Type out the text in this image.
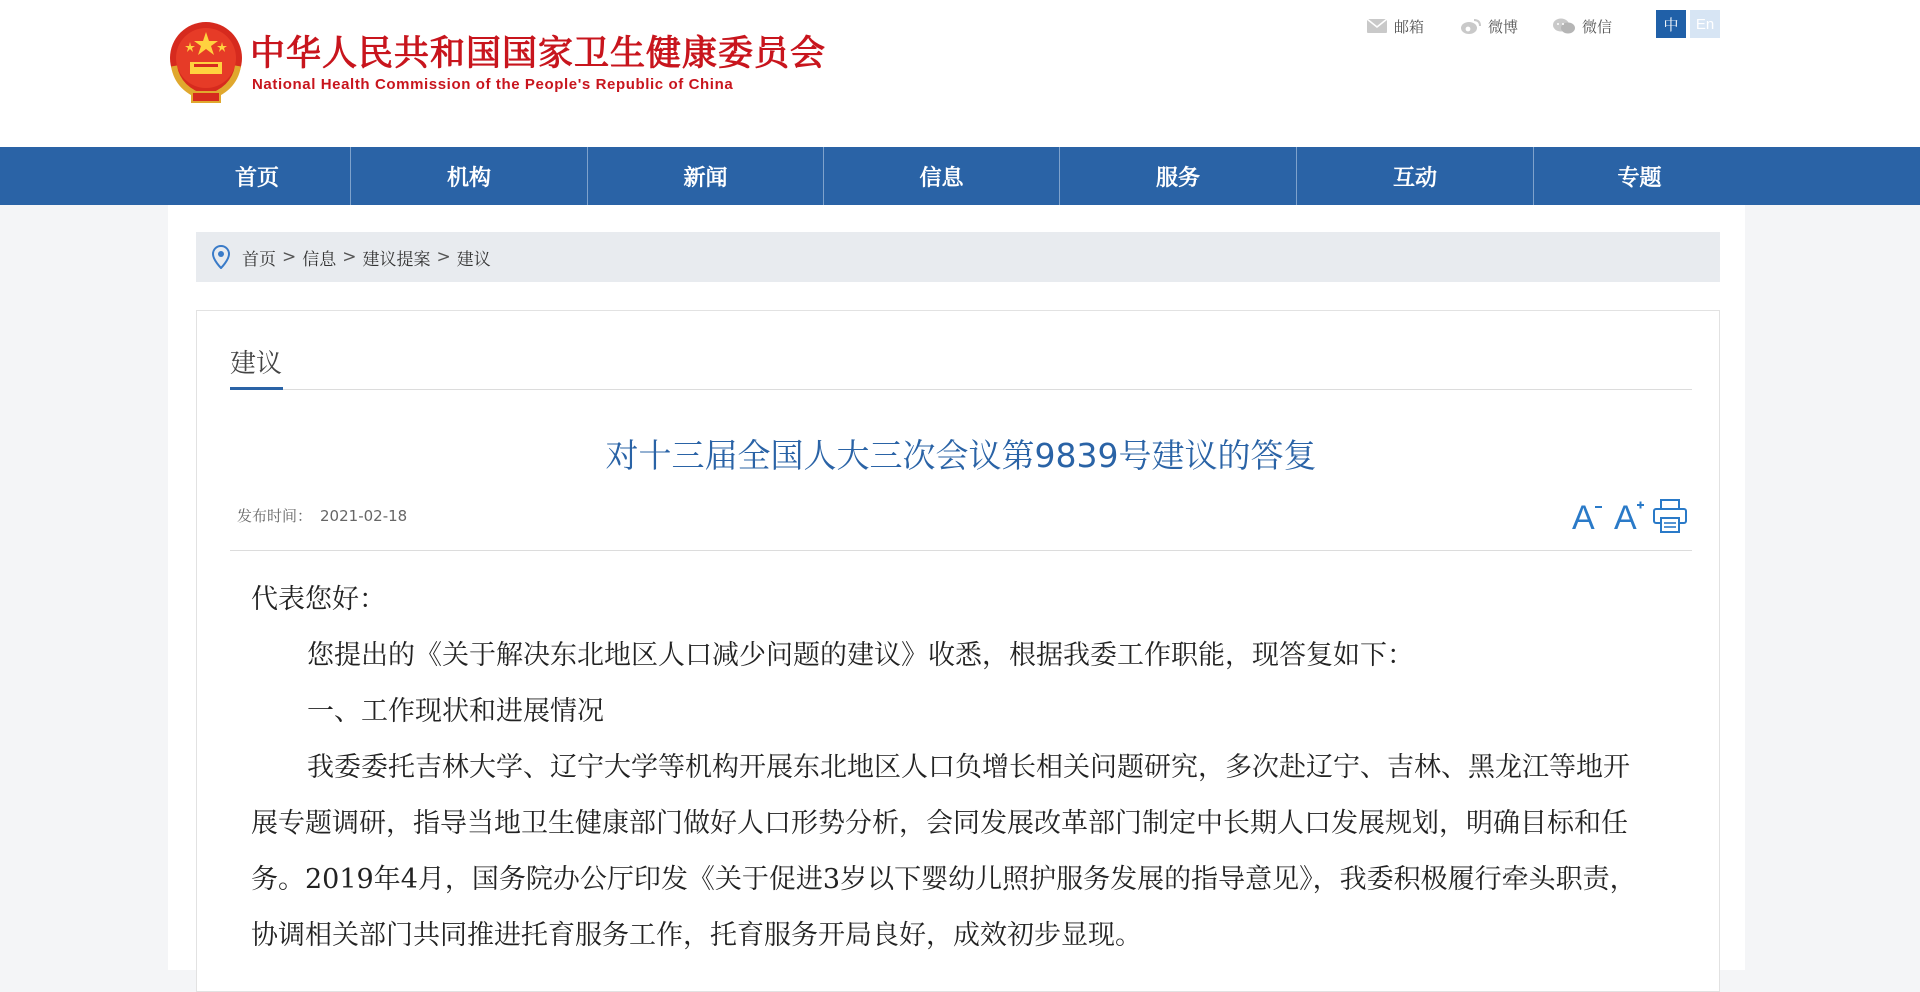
中华人民共和国国家卫生健康委员会
National Health Commission of the People's Republic of China
邮箱	微博	微信	中	En
首页	机构	新闻	信息	服务	互动	专题
首页 > 信息 > 建议提案 > 建议
建议
对十三届全国人大三次会议第9839号建议的答复
发布时间： 2021-02-18	A A

代表您好：

您提出的《关于解决东北地区人口减少问题的建议》收悉，根据我委工作职能，现答复如下：

一、工作现状和进展情况

我委委托吉林大学、辽宁大学等机构开展东北地区人口负增长相关问题研究，多次赴辽宁、吉林、黑龙江等地开展专题调研，指导当地卫生健康部门做好人口形势分析，会同发展改革部门制定中长期人口发展规划，明确目标和任务。2019年4月，国务院办公厅印发《关于促进3岁以下婴幼儿照护服务发展的指导意见》，我委积极履行牵头职责，协调相关部门共同推进托育服务工作，托育服务开局良好，成效初步显现。
